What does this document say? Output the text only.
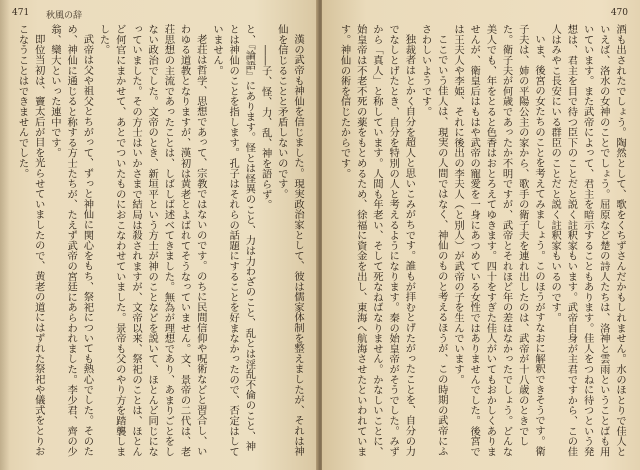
471 秋風の辞

漢の武帝も神仙を信じました。現実政治家として、彼は儒家体制を整えましたが、それは神仙を信じることと矛盾しないのです。

――子、怪、力、乱、神を語らず。

と、『論語』にあります。怪とは怪異のこと、力は力わざのこと、乱とは淫乱不倫のこと、神とは神仙のことを指します。孔子はそれらの話題にすることを好まなかったので、否定はしていません。

老荘は哲学、思想であって、宗教ではないのです。のちに民間信仰や呪術などと習合し、いわゆる道教となりますが、漢初は黄老とよばれてそうなっていません。文、景帝の二代は、老荘思想の主流であったことは、しばしば述べてきました。無為が理想であり、あまりごとをしない政治でした。文帝のとき、新垣平という方士が神のことなどを説いて、ほとんど同じになっていました。その方士はいかさまで結局は殺されますが、文帝以来、祭祀のことは、ほとんど何官にまかせて、あとでついたものにおこなわせていました。景帝も父のやり方を踏襲しました。

武帝は父や祖父とちがって、ずっと神仙に関心をもち、祭祀についても熱心でした。そのため、神仙に通じると称する方士たちが、たえず武帝の宮廷にあらわれました。李少君、齊の少翁、欒大といった連中です。

即位当初は、竇太后が目を光らせていましたので、黄老の道にはずれた祭祀や儀式をとりおこなうことはできませんでした。

470

酒も出されたでしょう。陶然として、歌をくちずさんだかもしれません。水のほとりで佳人といえば、洛水の女神のことでしょう。屈原など楚の詩人たちは、洛神と雲雨ということばも用いています。また武帝によって、君主を暗示することもあります。佳人をつねに待つという発想は、君主を目で待つ臣下のことだと説く註釈家もいます。武帝自身が主君ですから、この佳人はみやこ長安にいる群臣のことだと説く註釈家もいるのです。

いま、後宮の女たちのことを考えてみましょう。このほうがすなおに解釈できそうです。衛子夫は、姉の平陽公主の家から、歌手の衛子夫を連れ出したのは、武帝が十八歳のときでした。衛子夫が何歳であったか不明ですが、武帝とそれほど年の差はなかったでしょう。どんな美人でも、年をとると色香はおとろえてゆきます。四十をすぎた佳人がいてもおかしくありませんが、衛皇后はもはや武帝の寵愛を一身にあつめている女性ではありませんでした。後宮では王夫人や李姫、それに後出の李夫人（と別人）が武帝の子を生んでいます。

ここでいう佳人は、現実の人間ではなく、神仙のものと考えるほうが、この時期の武帝にふさわしいようです。

独裁者はとかく自分を超人と思いこみがちです。誰もが拝むとげたがったことを、自分の力でなしとげたとき、自分を特別の人と考えるようになります。秦の始皇帝がそうでした。みずから「真人」と称しています。人間も年老い、そして死なねばなりません。かなしいことに、始皇帝は不老不死の薬をもとめるため、徐福に資金を出し、東海へ航海させたといわれています。神仙の術を信じたからです。
